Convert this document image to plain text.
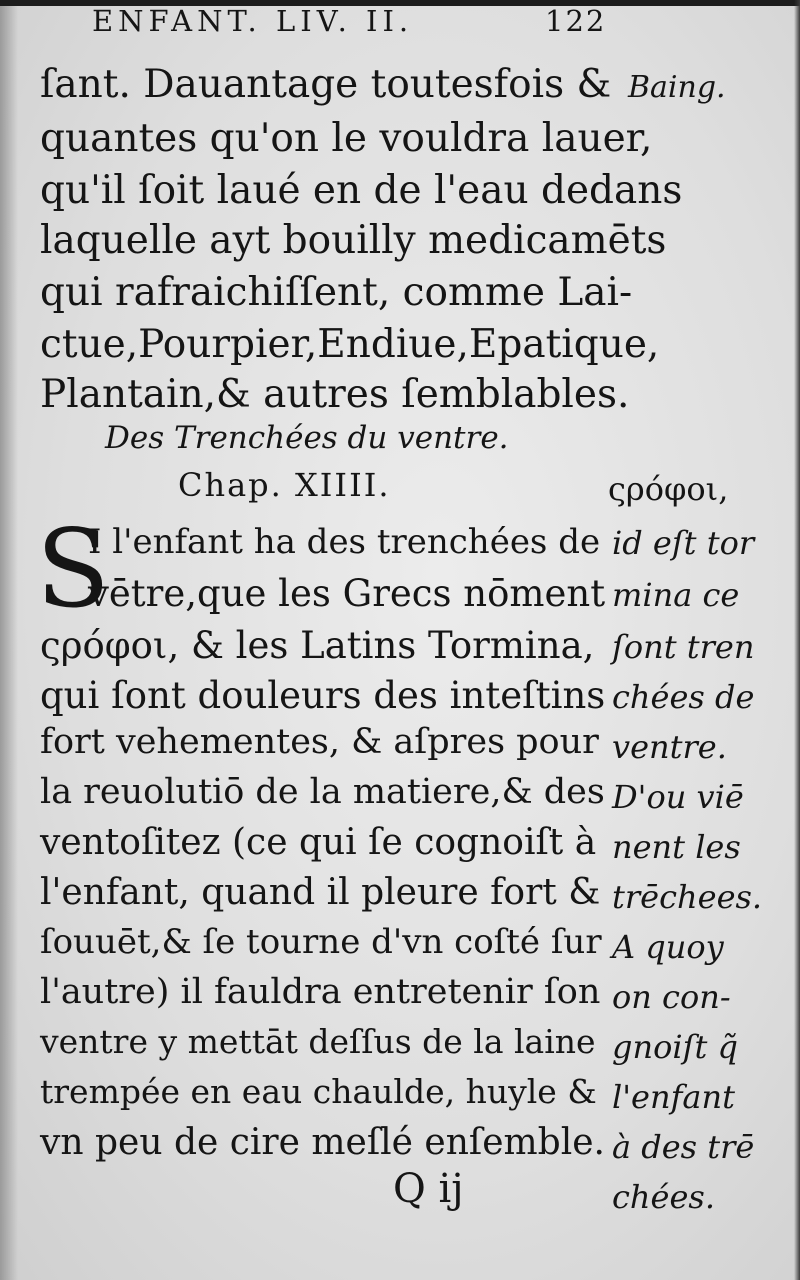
ENFANT. LIV. II.	122
ſant. Dauantage toutesfois &
quantes qu'on le vouldra lauer,
qu'il ſoit laué en de l'eau dedans
laquelle ayt bouilly medicamēts
qui rafraichiſſent, comme Lai-
ctue,Pourpier,Endiue,Epatique,
Plantain,& autres ſemblables.
Baing.
Des Trenchées du ventre.
Chap. XIIII.	ςρόφοι,
S
I l'enfant ha des trenchées de
vētre,que les Grecs nōment
ςρόφοι, & les Latins Tormina,
qui ſont douleurs des inteſtins
fort vehementes, & aſpres pour
la reuolutiō de la matiere,& des
ventoſitez (ce qui ſe cognoiſt à
l'enfant, quand il pleure fort &
ſouuēt,& ſe tourne d'vn coſté ſur
l'autre) il fauldra entretenir ſon
ventre y mettāt deſſus de la laine
trempée en eau chaulde, huyle &
vn peu de cire meſlé enſemble.
id eſt tor
mina ce
ſont tren
chées de
ventre.
D'ou viē
nent les
trēchees.
A quoy
on con-
gnoiſt q̃
l'enfant
à des trē
chées.
Q ij
